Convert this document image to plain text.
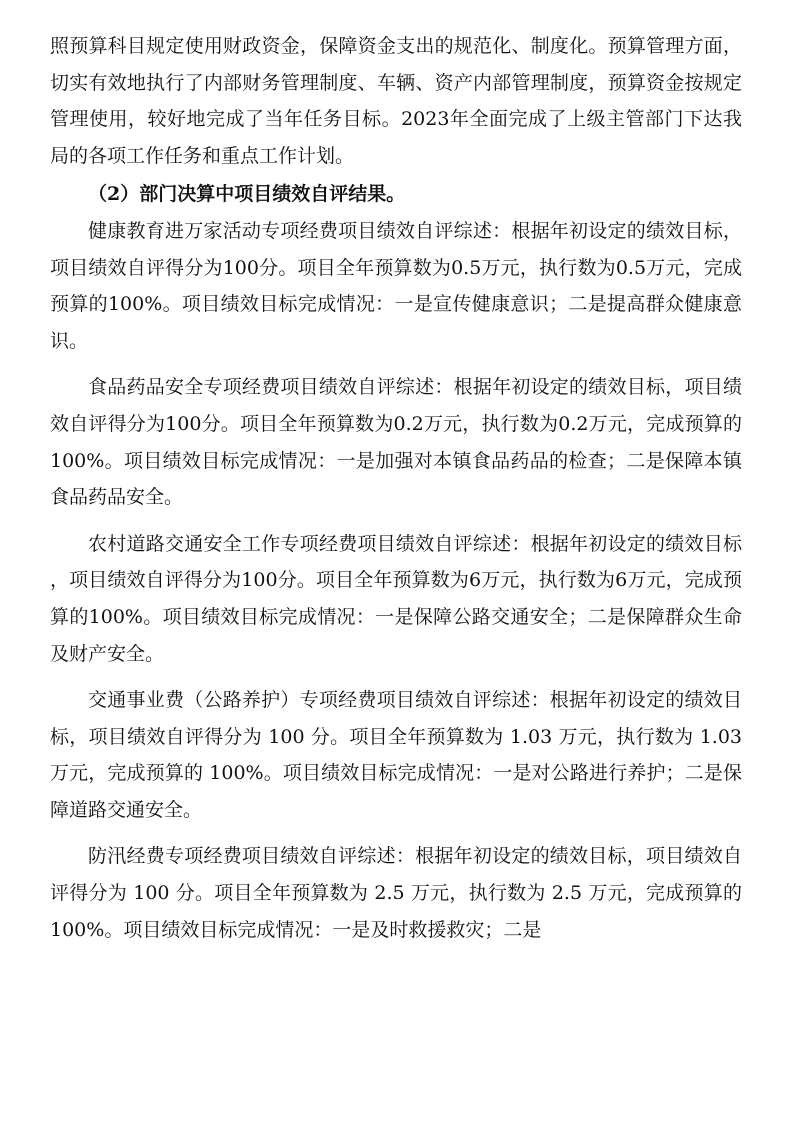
照预算科目规定使用财政资金，保障资金支出的规范化、制度化。预算管理方面，切实有效地执行了内部财务管理制度、车辆、资产内部管理制度，预算资金按规定管理使用，较好地完成了当年任务目标。2023年全面完成了上级主管部门下达我局的各项工作任务和重点工作计划。

（2）部门决算中项目绩效自评结果。

健康教育进万家活动专项经费项目绩效自评综述：根据年初设定的绩效目标，项目绩效自评得分为100分。项目全年预算数为0.5万元，执行数为0.5万元，完成预算的100%。项目绩效目标完成情况：一是宣传健康意识；二是提高群众健康意识。

食品药品安全专项经费项目绩效自评综述：根据年初设定的绩效目标，项目绩效自评得分为100分。项目全年预算数为0.2万元，执行数为0.2万元，完成预算的100%。项目绩效目标完成情况：一是加强对本镇食品药品的检查；二是保障本镇食品药品安全。

农村道路交通安全工作专项经费项目绩效自评综述：根据年初设定的绩效目标，项目绩效自评得分为100分。项目全年预算数为6万元，执行数为6万元，完成预算的100%。项目绩效目标完成情况：一是保障公路交通安全；二是保障群众生命及财产安全。

交通事业费（公路养护）专项经费项目绩效自评综述：根据年初设定的绩效目标，项目绩效自评得分为 100 分。项目全年预算数为 1.03 万元，执行数为 1.03 万元，完成预算的 100%。项目绩效目标完成情况：一是对公路进行养护；二是保障道路交通安全。

防汛经费专项经费项目绩效自评综述：根据年初设定的绩效目标，项目绩效自评得分为 100 分。项目全年预算数为 2.5 万元，执行数为 2.5 万元，完成预算的 100%。项目绩效目标完成情况：一是及时救援救灾；二是
